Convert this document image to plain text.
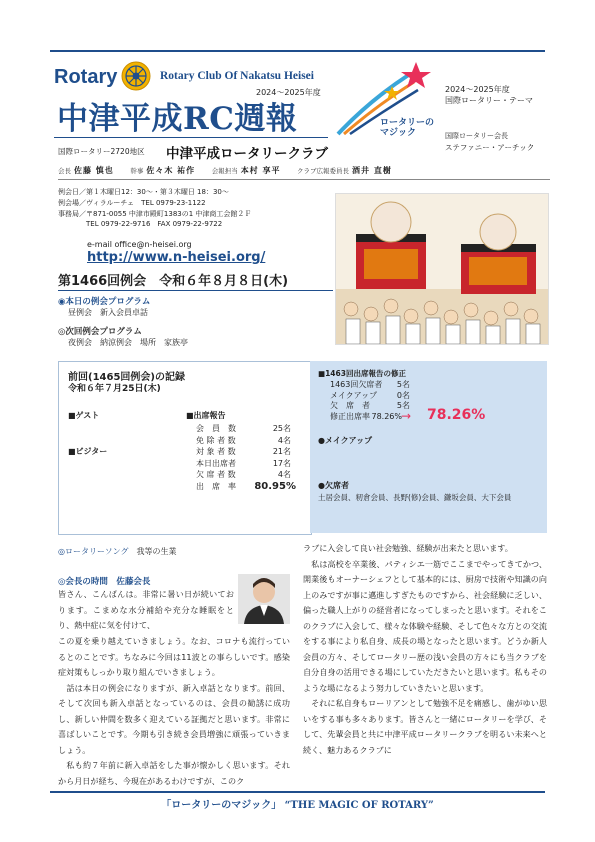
Rotary	Rotary Club Of Nakatsu Heisei
2024～2025年度
中津平成RC週報
国際ロータリー2720地区 中津平成ロータリークラブ
ロータリーの
マジック
2024～2025年度
国際ロータリー・テーマ
国際ロータリー会長
ステファニー・アーチック
会長 佐藤 慎也	幹事 佐々木 祐作	会報担当 本村 享平	クラブ広報委員長 酒井 直樹
例会日／第１木曜日12：30～・第３木曜日 18：30～
例会場／ヴィラルーチェ　TEL 0979-23-1122
事務局／〒871-0055 中津市殿町1383の1 中津商工会館２Ｆ
　　　　TEL 0979-22-9716　FAX 0979-22-9722
e-mail office@n-heisei.org
http://www.n-heisei.org/
第1466回例会　令和６年８月８日(木)
◉本日の例会プログラム
昼例会　新入会員卓話
◎次回例会プログラム
夜例会　納涼例会　場所　家族亭
前回(1465回例会)の記録
令和６年７月25日(木)
■ゲスト
■ビジター
■出席報告
会　員　数	25名
免 除 者 数	4名
対 象 者 数	21名
本日出席者	17名
欠 席 者 数	4名
出　席　率 80.95%
■1463回出席報告の修正
1463回欠席者 5名
メイクアップ 0名
欠　席　者	5名
修正出席率 78.26% → 78.26%
●メイクアップ
●欠席者
土居会員、籾倉会員、長野(修)会員、鎌坂会員、大下会員
◎ロータリーソング 我等の生業
◎会長の時間　佐藤会長

皆さん、こんばんは。非常に暑い日が続いております。こまめな水分補給や充分な睡眠をとり、熱中症に気を付けて、

この夏を乗り越えていきましょう。なお、コロナも流行っているとのことです。ちなみに今回は11波との事らしいです。感染症対策もしっかり取り組んでいきましょう。
　話は本日の例会になりますが、新入卓話となります。前回、そして次回も新入卓話となっているのは、会員の勧誘に成功し、新しい仲間を数多く迎えている証拠だと思います。非常に喜ばしいことです。今期も引き続き会員増強に頑張っていきましょう。
　私も約７年前に新入卓話をした事が懐かしく思います。それから月日が経ち、今現在があるわけですが、このク

ラブに入会して良い社会勉強、経験が出来たと思います。
　私は高校を卒業後、パティシエ一筋でここまでやってきてかつ、開業後もオーナーシェフとして基本的には、厨房で技術や知識の向上のみですが事に邁進しすぎたものですから、社会経験に乏しい、偏った職人上がりの経営者になってしまったと思います。それをこのクラブに入会して、様々な体験や経験、そして色々な方との交流をする事により私自身、成長の場となったと思います。どうか新人会員の方々、そしてロータリー歴の浅い会員の方々にも当クラブを自分自身の活用できる場にしていただきたいと思います。私もそのような場になるよう努力していきたいと思います。
　それに私自身もローリアンとして勉強不足を痛感し、歯がゆい思いをする事も多々あります。皆さんと一緒にロータリーを学び、そして、先輩会員と共に中津平成ロータリークラブを明るい未来へと続く、魅力あるクラブに

「ロータリーのマジック」 “THE MAGIC OF ROTARY”
